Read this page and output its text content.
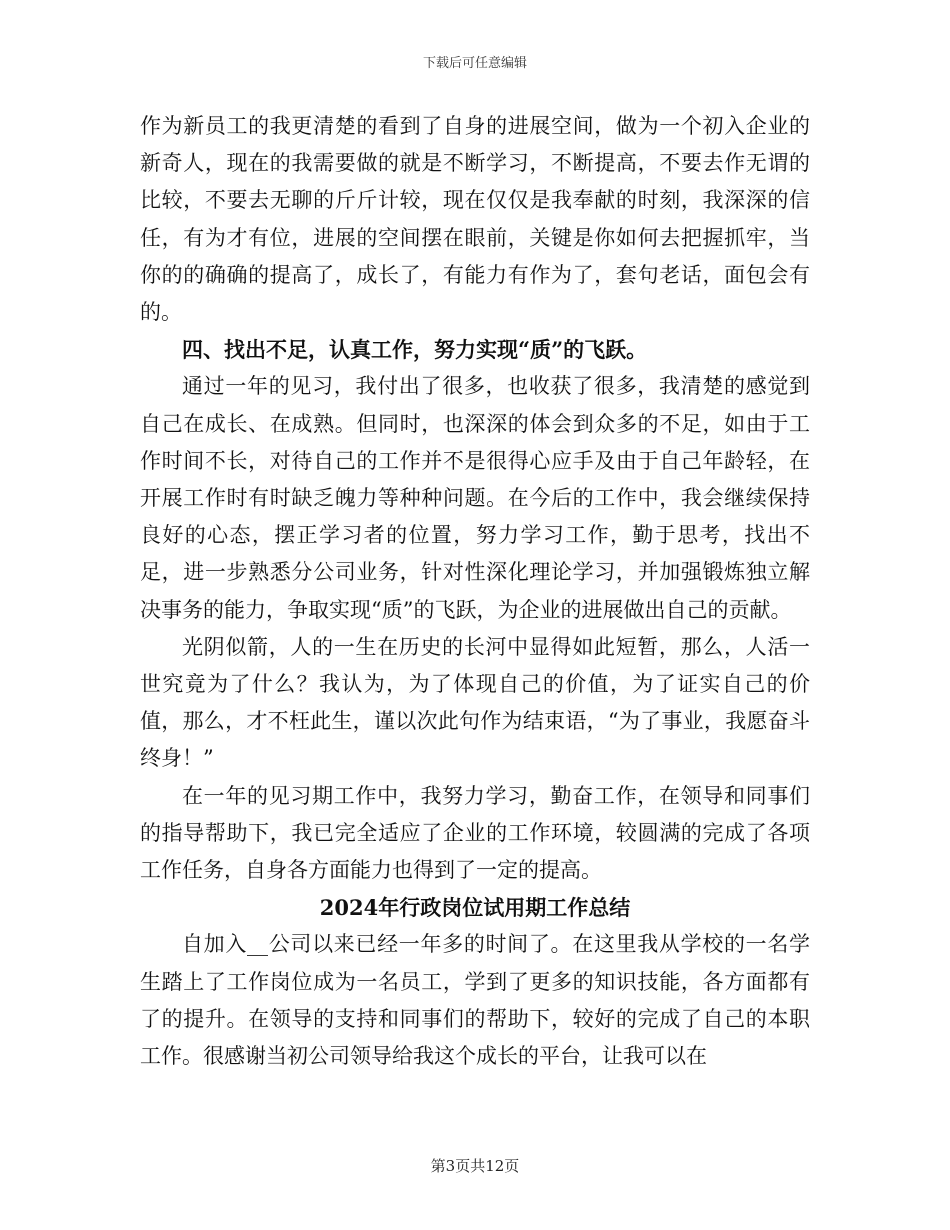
下载后可任意编辑

作为新员工的我更清楚的看到了自身的进展空间，做为一个初入企业的新奇人，现在的我需要做的就是不断学习，不断提高，不要去作无谓的比较，不要去无聊的斤斤计较，现在仅仅是我奉献的时刻，我深深的信任，有为才有位，进展的空间摆在眼前，关键是你如何去把握抓牢，当你的的确确的提高了，成长了，有能力有作为了，套句老话，面包会有的。

四、找出不足，认真工作，努力实现“质”的飞跃。

通过一年的见习，我付出了很多，也收获了很多，我清楚的感觉到自己在成长、在成熟。但同时，也深深的体会到众多的不足，如由于工作时间不长，对待自己的工作并不是很得心应手及由于自己年龄轻，在开展工作时有时缺乏魄力等种种问题。在今后的工作中，我会继续保持良好的心态，摆正学习者的位置，努力学习工作，勤于思考，找出不足，进一步熟悉分公司业务，针对性深化理论学习，并加强锻炼独立解决事务的能力，争取实现“质”的飞跃，为企业的进展做出自己的贡献。

光阴似箭，人的一生在历史的长河中显得如此短暂，那么，人活一世究竟为了什么？我认为，为了体现自己的价值，为了证实自己的价值，那么，才不枉此生，谨以次此句作为结束语，“为了事业，我愿奋斗终身！”

在一年的见习期工作中，我努力学习，勤奋工作，在领导和同事们的指导帮助下，我已完全适应了企业的工作环境，较圆满的完成了各项工作任务，自身各方面能力也得到了一定的提高。

2024年行政岗位试用期工作总结

自加入__公司以来已经一年多的时间了。在这里我从学校的一名学生踏上了工作岗位成为一名员工，学到了更多的知识技能，各方面都有了的提升。在领导的支持和同事们的帮助下，较好的完成了自己的本职工作。很感谢当初公司领导给我这个成长的平台，让我可以在

第3页共12页
